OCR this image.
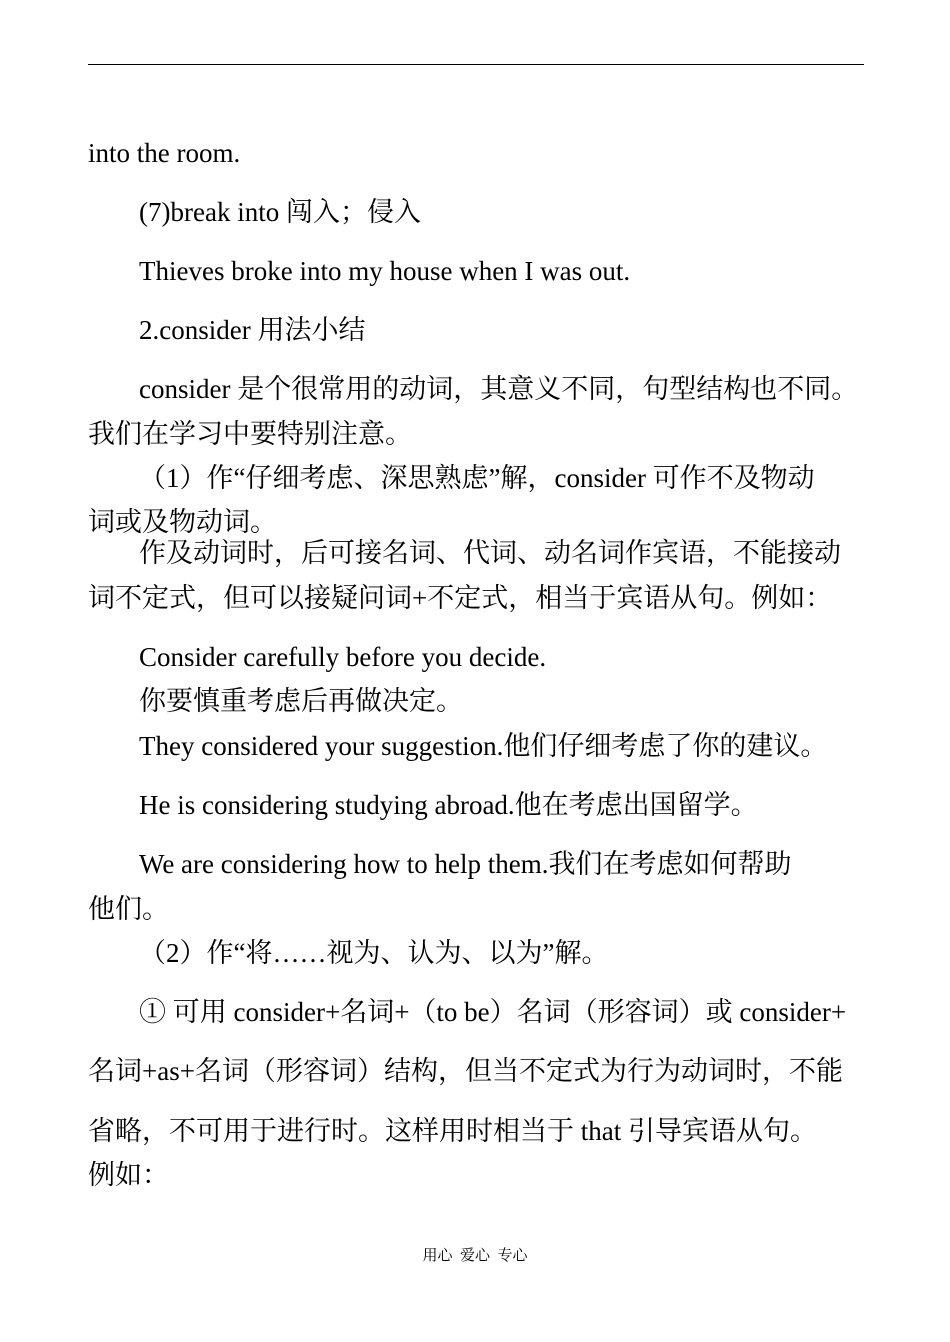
into the room.
(7)break into 闯入；侵入
Thieves broke into my house when I was out.
2.consider 用法小结
consider 是个很常用的动词，其意义不同，句型结构也不同。
我们在学习中要特别注意。
（1）作“仔细考虑、深思熟虑”解，consider 可作不及物动
词或及物动词。
作及动词时，后可接名词、代词、动名词作宾语，不能接动
词不定式，但可以接疑问词+不定式，相当于宾语从句。例如：
Consider carefully before you decide.
你要慎重考虑后再做决定。
They considered your suggestion.他们仔细考虑了你的建议。
He is considering studying abroad.他在考虑出国留学。
We are considering how to help them.我们在考虑如何帮助
他们。
（2）作“将……视为、认为、以为”解。
① 可用 consider+名词+（to be）名词（形容词）或 consider+
名词+as+名词（形容词）结构，但当不定式为行为动词时，不能
省略，不可用于进行时。这样用时相当于 that 引导宾语从句。
例如：
用心  爱心  专心
